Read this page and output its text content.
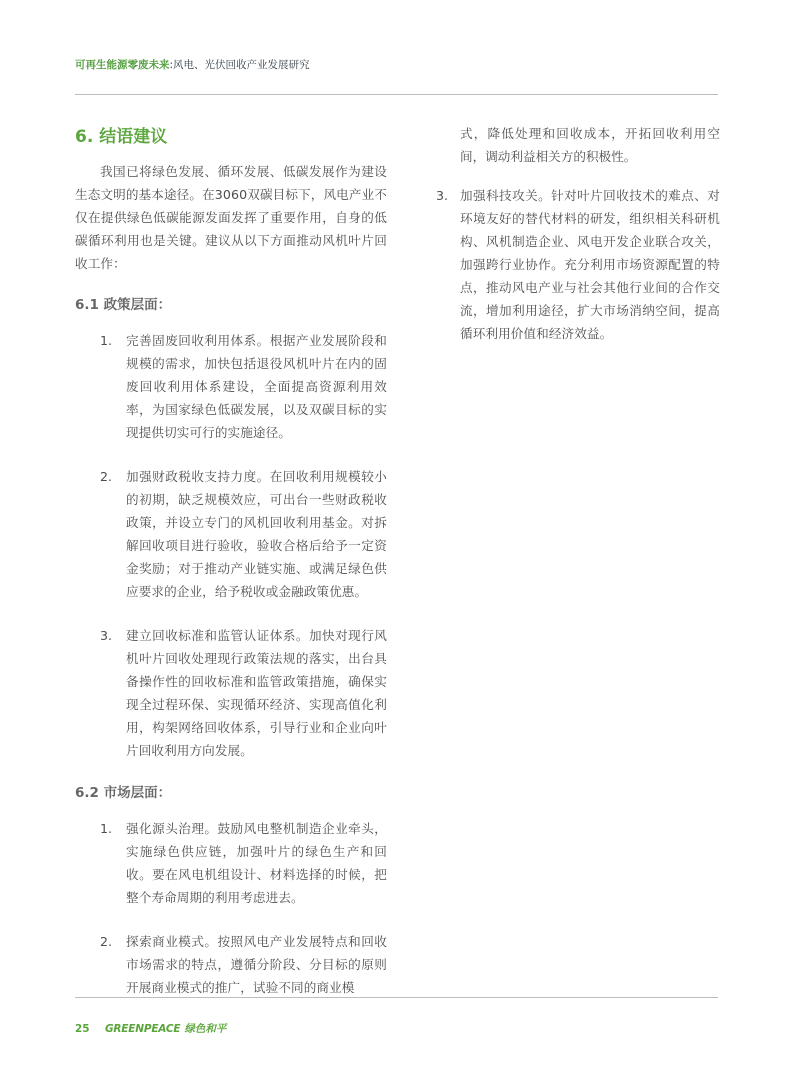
可再生能源零废未来:风电、光伏回收产业发展研究
6. 结语建议

我国已将绿色发展、循环发展、低碳发展作为建设生态文明的基本途径。在3060双碳目标下，风电产业不仅在提供绿色低碳能源发面发挥了重要作用，自身的低碳循环利用也是关键。建议从以下方面推动风机叶片回收工作：

6.1 政策层面：
1.	完善固废回收利用体系。根据产业发展阶段和规模的需求，加快包括退役风机叶片在内的固废回收利用体系建设，全面提高资源利用效率，为国家绿色低碳发展，以及双碳目标的实现提供切实可行的实施途径。
2.	加强财政税收支持力度。在回收利用规模较小的初期，缺乏规模效应，可出台一些财政税收政策，并设立专门的风机回收利用基金。对拆解回收项目进行验收，验收合格后给予一定资金奖励；对于推动产业链实施、或满足绿色供应要求的企业，给予税收或金融政策优惠。
3.	建立回收标准和监管认证体系。加快对现行风机叶片回收处理现行政策法规的落实，出台具备操作性的回收标准和监管政策措施，确保实现全过程环保、实现循环经济、实现高值化利用，构架网络回收体系，引导行业和企业向叶片回收利用方向发展。
6.2 市场层面：
1.	强化源头治理。鼓励风电整机制造企业牵头，实施绿色供应链，加强叶片的绿色生产和回收。要在风电机组设计、材料选择的时候，把整个寿命周期的利用考虑进去。
2.	探索商业模式。按照风电产业发展特点和回收市场需求的特点，遵循分阶段、分目标的原则开展商业模式的推广，试验不同的商业模
式，降低处理和回收成本，开拓回收利用空间，调动利益相关方的积极性。
3. 加强科技攻关。针对叶片回收技术的难点、对环境友好的替代材料的研发，组织相关科研机构、风机制造企业、风电开发企业联合攻关，加强跨行业协作。充分利用市场资源配置的特点，推动风电产业与社会其他行业间的合作交流，增加利用途径，扩大市场消纳空间，提高循环利用价值和经济效益。
25	GREENPEACE 绿色和平
